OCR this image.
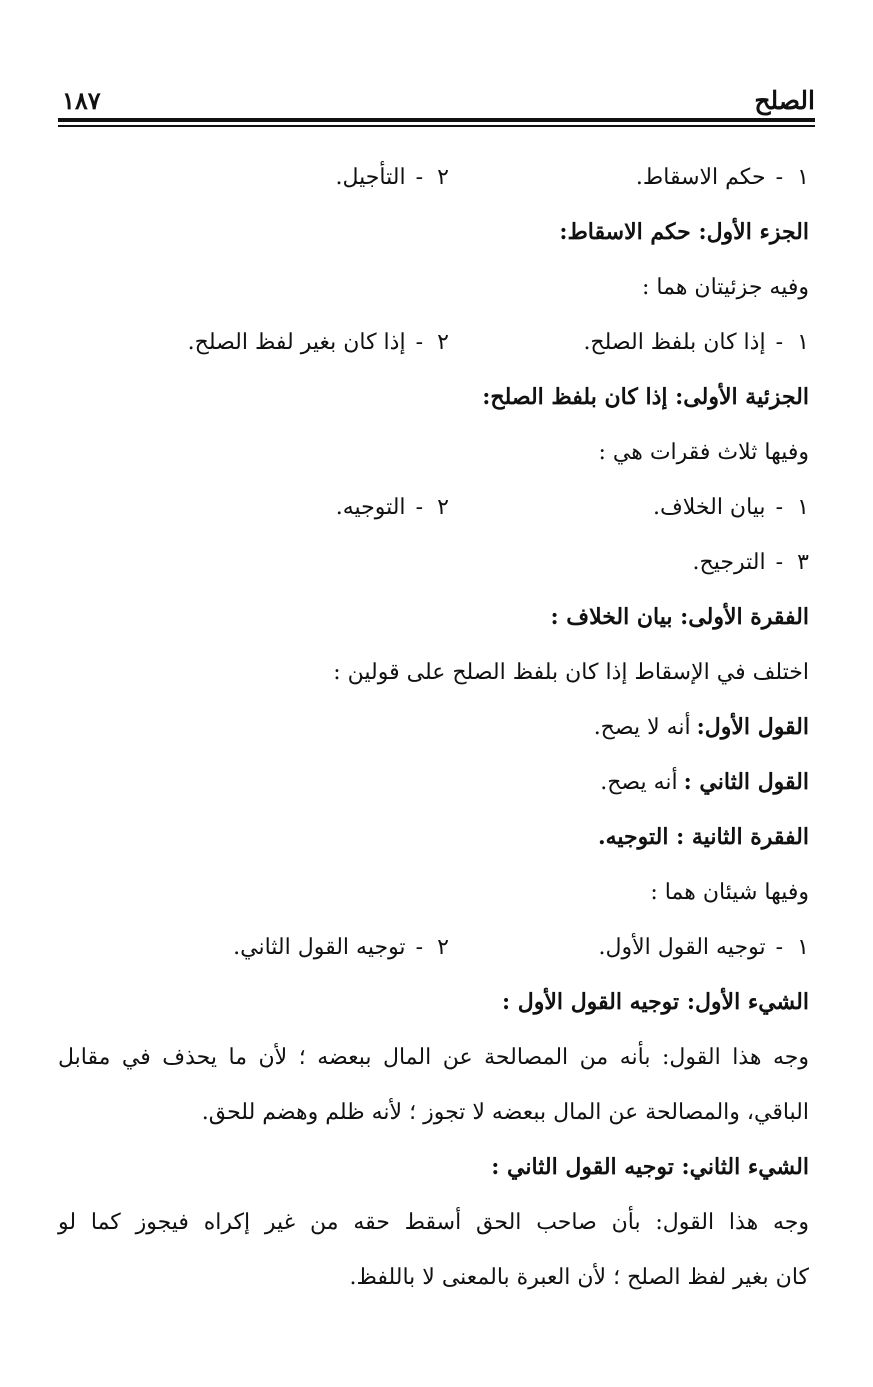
الصلح
١٨٧
١-حكم الاسقاط.
٢-التأجيل.
الجزء الأول: حكم الاسقاط:
وفيه جزئيتان هما :
١-إذا كان بلفظ الصلح.
٢-إذا كان بغير لفظ الصلح.
الجزئية الأولى: إذا كان بلفظ الصلح:
وفيها ثلاث فقرات هي :
١-بيان الخلاف.
٢-التوجيه.
٣-الترجيح.
الفقرة الأولى: بيان الخلاف :
اختلف في الإسقاط إذا كان بلفظ الصلح على قولين :
القول الأول:أنه لا يصح.
القول الثاني :أنه يصح.
الفقرة الثانية : التوجيه.
وفيها شيئان هما :
١-توجيه القول الأول.
٢-توجيه القول الثاني.
الشيء الأول: توجيه القول الأول :
وجه هذا القول: بأنه من المصالحة عن المال ببعضه ؛ لأن ما يحذف في مقابل
الباقي، والمصالحة عن المال ببعضه لا تجوز ؛ لأنه ظلم وهضم للحق.
الشيء الثاني: توجيه القول الثاني :
وجه هذا القول: بأن صاحب الحق أسقط حقه من غير إكراه فيجوز كما لو
كان بغير لفظ الصلح ؛ لأن العبرة بالمعنى لا باللفظ.
